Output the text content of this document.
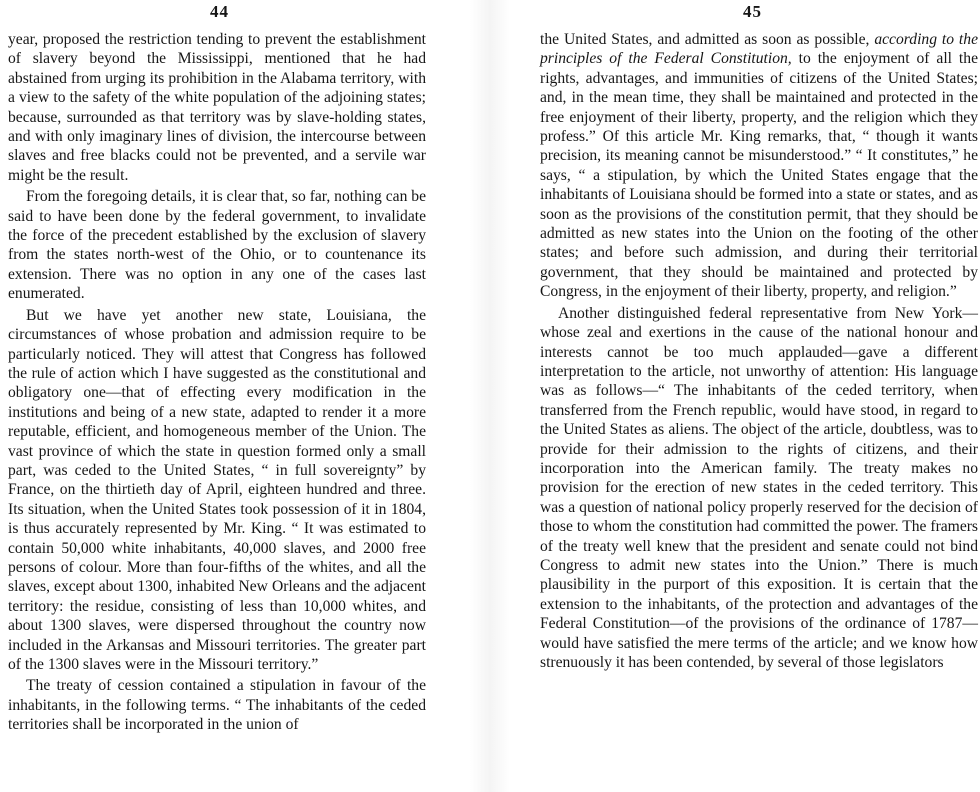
44

year, proposed the restriction tending to prevent the establishment of slavery beyond the Mississippi, mentioned that he had abstained from urging its prohibition in the Alabama territory, with a view to the safety of the white population of the adjoining states; because, surrounded as that territory was by slave-holding states, and with only imaginary lines of division, the intercourse between slaves and free blacks could not be prevented, and a servile war might be the result.

From the foregoing details, it is clear that, so far, nothing can be said to have been done by the federal government, to invalidate the force of the precedent established by the exclusion of slavery from the states north-west of the Ohio, or to countenance its extension. There was no option in any one of the cases last enumerated.

But we have yet another new state, Louisiana, the circumstances of whose probation and admission require to be particularly noticed. They will attest that Congress has followed the rule of action which I have suggested as the constitutional and obligatory one—that of effecting every modification in the institutions and being of a new state, adapted to render it a more reputable, efficient, and homogeneous member of the Union. The vast province of which the state in question formed only a small part, was ceded to the United States, “ in full sovereignty” by France, on the thirtieth day of April, eighteen hundred and three. Its situation, when the United States took possession of it in 1804, is thus accurately represented by Mr. King. “ It was estimated to contain 50,000 white inhabitants, 40,000 slaves, and 2000 free persons of colour. More than four-fifths of the whites, and all the slaves, except about 1300, inhabited New Orleans and the adjacent territory: the residue, consisting of less than 10,000 whites, and about 1300 slaves, were dispersed throughout the country now included in the Arkansas and Missouri territories. The greater part of the 1300 slaves were in the Missouri territory.”

The treaty of cession contained a stipulation in favour of the inhabitants, in the following terms. “ The inhabitants of the ceded territories shall be incorporated in the union of

45

the United States, and admitted as soon as possible, according to the principles of the Federal Constitution, to the enjoyment of all the rights, advantages, and immunities of citizens of the United States; and, in the mean time, they shall be maintained and protected in the free enjoyment of their liberty, property, and the religion which they profess.” Of this article Mr. King remarks, that, “ though it wants precision, its meaning cannot be misunderstood.” “ It constitutes,” he says, “ a stipulation, by which the United States engage that the inhabitants of Louisiana should be formed into a state or states, and as soon as the provisions of the constitution permit, that they should be admitted as new states into the Union on the footing of the other states; and before such admission, and during their territorial government, that they should be maintained and protected by Congress, in the enjoyment of their liberty, property, and religion.”

Another distinguished federal representative from New York—whose zeal and exertions in the cause of the national honour and interests cannot be too much applauded—gave a different interpretation to the article, not unworthy of attention: His language was as follows—“ The inhabitants of the ceded territory, when transferred from the French republic, would have stood, in regard to the United States as aliens. The object of the article, doubtless, was to provide for their admission to the rights of citizens, and their incorporation into the American family. The treaty makes no provision for the erection of new states in the ceded territory. This was a question of national policy properly reserved for the decision of those to whom the constitution had committed the power. The framers of the treaty well knew that the president and senate could not bind Congress to admit new states into the Union.” There is much plausibility in the purport of this exposition. It is certain that the extension to the inhabitants, of the protection and advantages of the Federal Constitution—of the provisions of the ordinance of 1787—would have satisfied the mere terms of the article; and we know how strenuously it has been contended, by several of those legislators
